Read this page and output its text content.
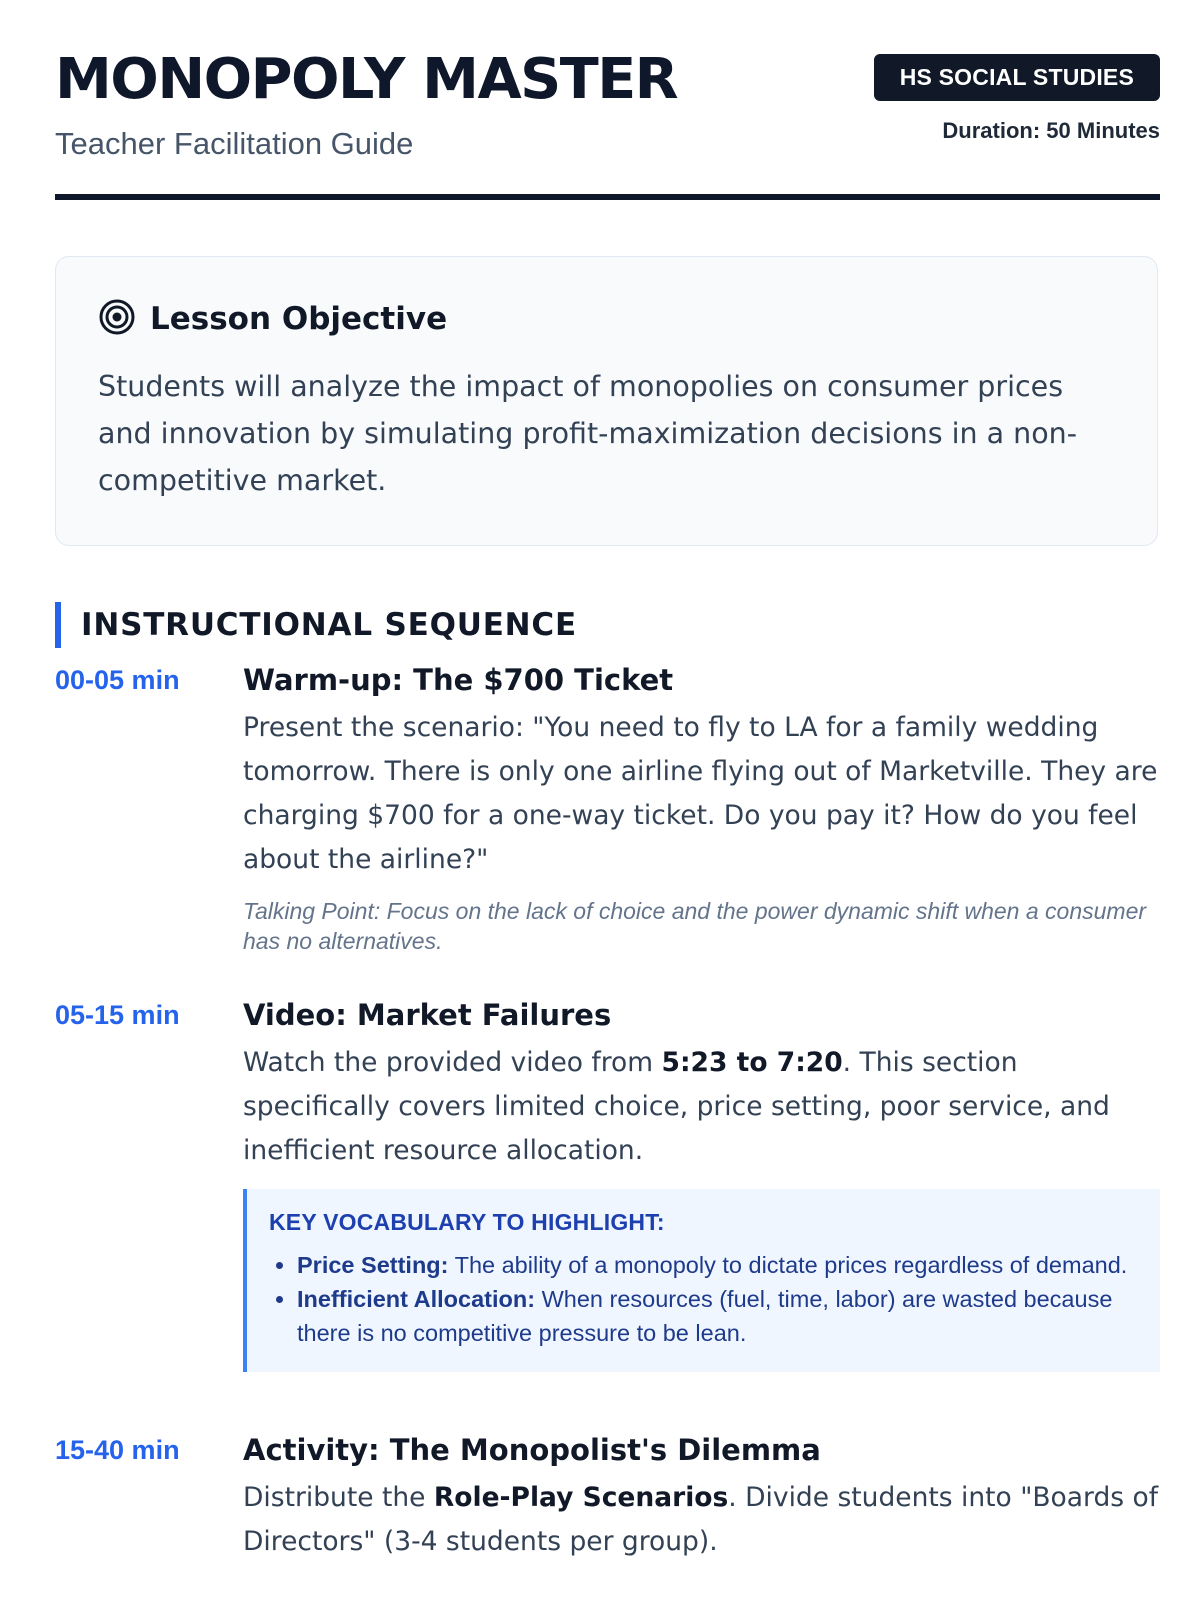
MONOPOLY MASTER
Teacher Facilitation Guide
HS SOCIAL STUDIES
Duration: 50 Minutes
Lesson Objective
Students will analyze the impact of monopolies on consumer prices and innovation by simulating profit-maximization decisions in a non-competitive market.
INSTRUCTIONAL SEQUENCE
00-05 min Warm-up: The $700 Ticket
Present the scenario: "You need to fly to LA for a family wedding tomorrow. There is only one airline flying out of Marketville. They are charging $700 for a one-way ticket. Do you pay it? How do you feel about the airline?"
Talking Point: Focus on the lack of choice and the power dynamic shift when a consumer has no alternatives.
05-15 min Video: Market Failures
Watch the provided video from 5:23 to 7:20. This section specifically covers limited choice, price setting, poor service, and inefficient resource allocation.
KEY VOCABULARY TO HIGHLIGHT:
• Price Setting: The ability of a monopoly to dictate prices regardless of demand.
• Inefficient Allocation: When resources (fuel, time, labor) are wasted because there is no competitive pressure to be lean.
15-40 min Activity: The Monopolist's Dilemma
Distribute the Role-Play Scenarios. Divide students into "Boards of Directors" (3-4 students per group).
